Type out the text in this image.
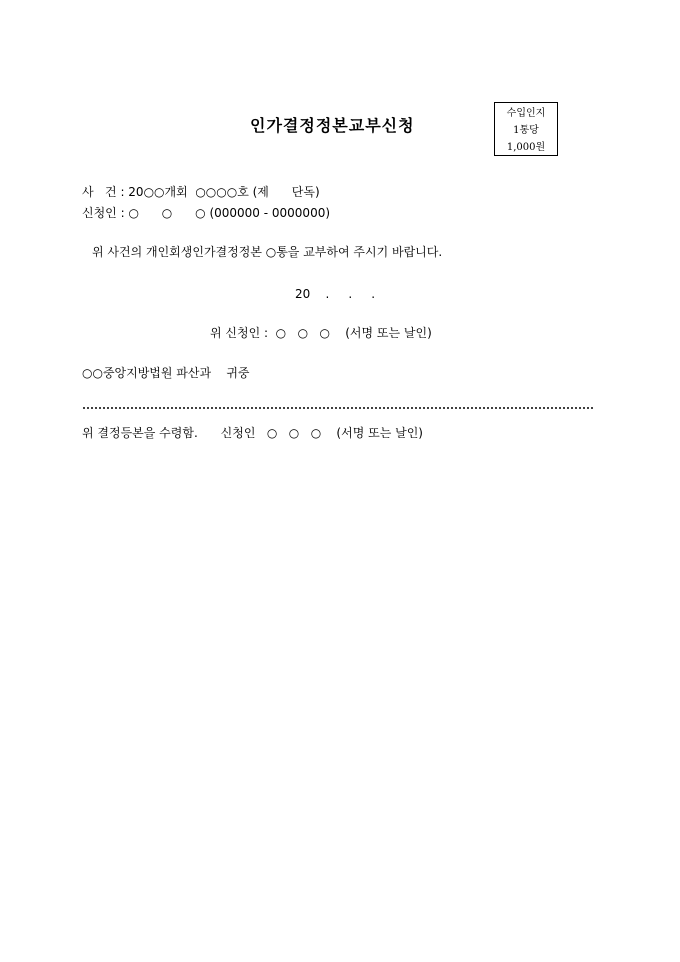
인가결정정본교부신청
수입인지
1통당
1,000원
사   건 : 20○○개회  ○○○○호 (제      단독)
신청인 : ○      ○      ○ (000000 - 0000000)
위 사건의 개인회생인가결정정본 ○통을 교부하여 주시기 바랍니다.
20    .     .     .
위 신청인 :  ○   ○   ○    (서명 또는 날인)
○○중앙지방법원 파산과    귀중
위 결정등본을 수령함.      신청인   ○   ○   ○    (서명 또는 날인)
